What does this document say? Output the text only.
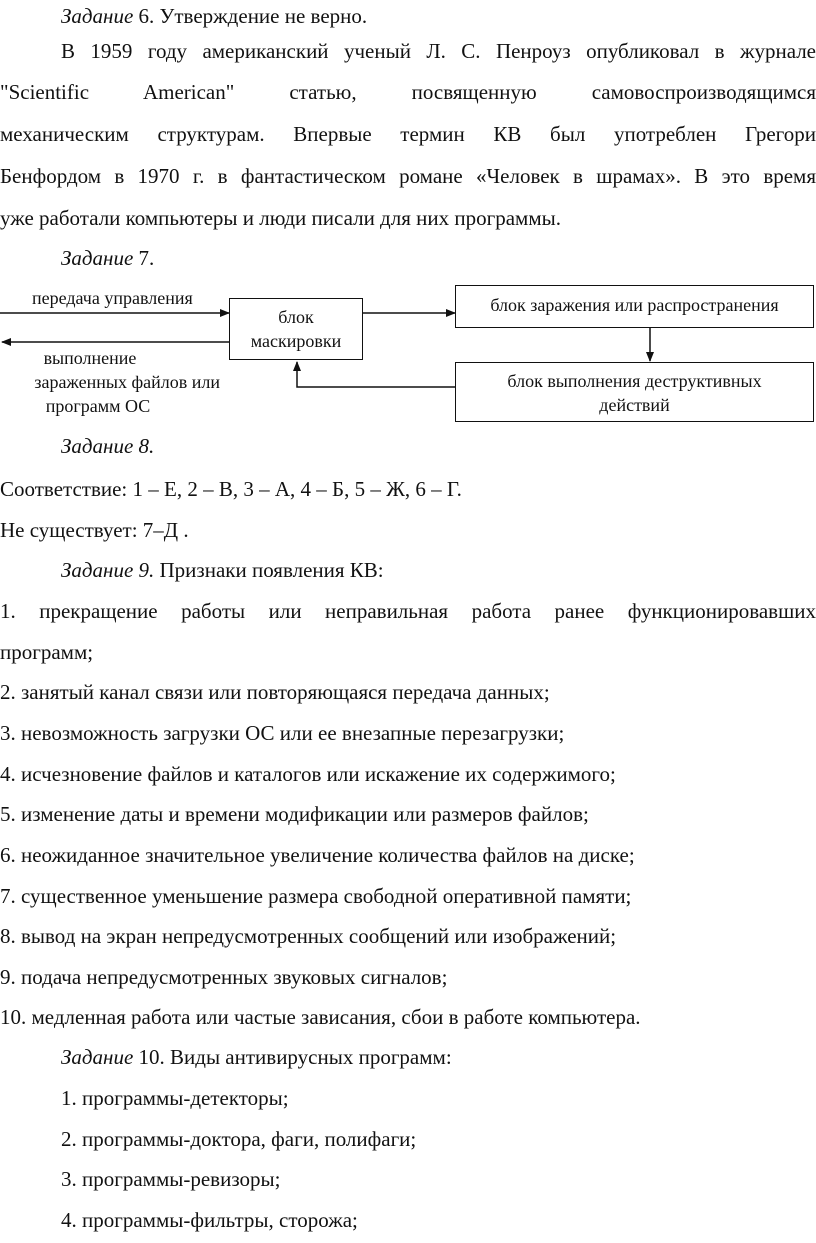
Задание 6. Утверждение не верно.
В 1959 году американский ученый Л. С. Пенроуз опубликовал в журнале
"Scientific American" статью, посвященную самовоспроизводящимся
механическим структурам. Впервые термин КВ был употреблен Грегори
Бенфордом в 1970 г. в фантастическом романе «Человек в шрамах». В это время
уже работали компьютеры и люди писали для них программы.
Задание 7.
передача управления
выполнение
зараженных файлов или
программ ОС
блок
маскировки
блок заражения или распространения
блок выполнения деструктивных
действий
Задание 8.
Соответствие: 1 – Е, 2 – В, 3 – А, 4 – Б, 5 – Ж, 6 – Г.
Не существует: 7–Д .
Задание 9. Признаки появления КВ:
1. прекращение работы или неправильная работа ранее функционировавших
программ;
2. занятый канал связи или повторяющаяся передача данных;
3. невозможность загрузки ОС или ее внезапные перезагрузки;
4. исчезновение файлов и каталогов или искажение их содержимого;
5. изменение даты и времени модификации или размеров файлов;
6. неожиданное значительное увеличение количества файлов на диске;
7. существенное уменьшение размера свободной оперативной памяти;
8. вывод на экран непредусмотренных сообщений или изображений;
9. подача непредусмотренных звуковых сигналов;
10. медленная работа или частые зависания, сбои в работе компьютера.
Задание 10. Виды антивирусных программ:
1. программы-детекторы;
2. программы-доктора, фаги, полифаги;
3. программы-ревизоры;
4. программы-фильтры, сторожа;
